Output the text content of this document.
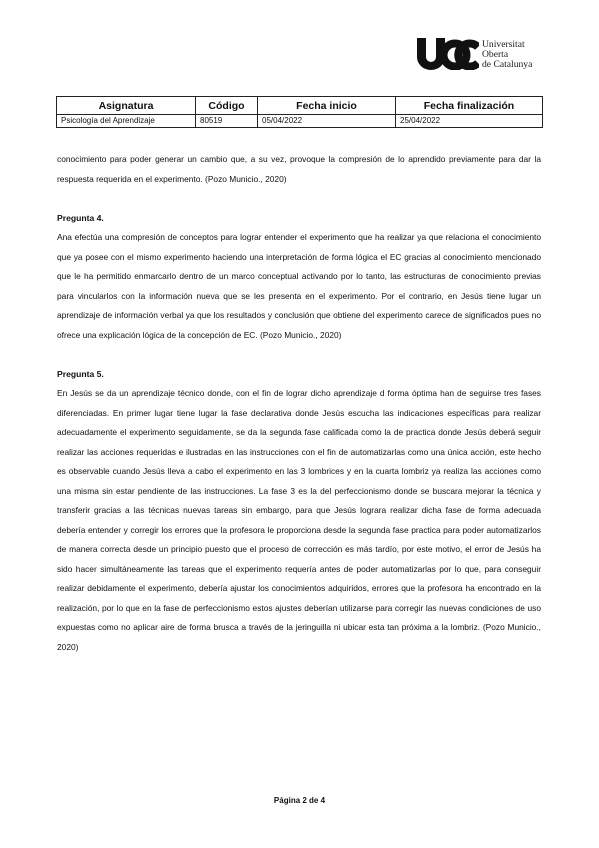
Universitat
Oberta
de Catalunya
Asignatura	Código	Fecha inicio	Fecha finalización
Psicología del Aprendizaje	80519	05/04/2022	25/04/2022

conocimiento para poder generar un cambio que, a su vez, provoque la compresión de lo aprendido previamente para dar la respuesta requerida en el experimento. (Pozo Municio., 2020)

Pregunta 4.

Ana efectúa una compresión de conceptos para lograr entender el experimento que ha realizar ya que relaciona el conocimiento que ya posee con el mismo experimento haciendo una interpretación de forma lógica el EC gracias al conocimiento mencionado que le ha permitido enmarcarlo dentro de un marco conceptual activando por lo tanto, las estructuras de conocimiento previas para vincularlos con la información nueva que se les presenta en el experimento. Por el contrario, en Jesús tiene lugar un aprendizaje de información verbal ya que los resultados y conclusión que obtiene del experimento carece de significados pues no ofrece una explicación lógica de la concepción de EC. (Pozo Municio., 2020)

Pregunta 5.

En Jesús se da un aprendizaje técnico donde, con el fin de lograr dicho aprendizaje d forma óptima han de seguirse tres fases diferenciadas. En primer lugar tiene lugar la fase declarativa donde Jesús escucha las indicaciones específicas para realizar adecuadamente el experimento seguidamente, se da la segunda fase calificada como la de practica donde Jesús deberá seguir realizar las acciones requeridas e ilustradas en las instrucciones con el fin de automatizarlas como una única acción, este hecho es observable cuando Jesús lleva a cabo el experimento en las 3 lombrices y en la cuarta lombriz ya realiza las acciones como una misma sin estar pendiente de las instrucciones. La fase 3 es la del perfeccionismo donde se buscara mejorar la técnica y transferir gracias a las técnicas nuevas tareas sin embargo, para que Jesús lograra realizar dicha fase de forma adecuada debería entender y corregir los errores que la profesora le proporciona desde la segunda fase practica para poder automatizarlos de manera correcta desde un principio puesto que el proceso de corrección es más tardío, por este motivo, el error de Jesús ha sido hacer simultáneamente las tareas que el experimento requería antes de poder automatizarlas por lo que, para conseguir realizar debidamente el experimento, debería ajustar los conocimientos adquiridos, errores que la profesora ha encontrado en la realización, por lo que en la fase de perfeccionismo estos ajustes deberían utilizarse para corregir las nuevas condiciones de uso expuestas como no aplicar aire de forma brusca a través de la jeringuilla ni ubicar esta tan próxima a la lombriz. (Pozo Municio., 2020)

Página 2 de 4
